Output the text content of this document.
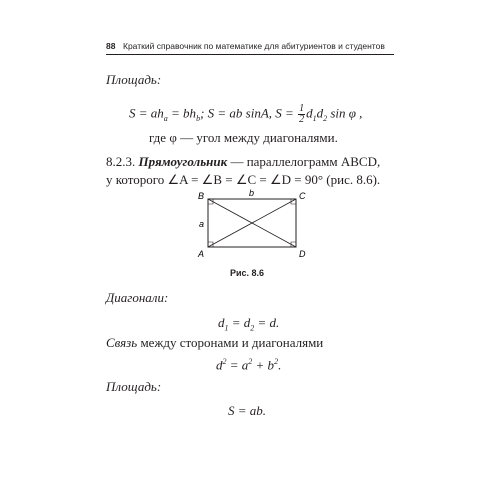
88 Краткий справочник по математике для абитуриентов и студентов
Площадь:
$S = ah_a = bh_b$; S = ab sinA, $S = \frac{1}{2} d_1d_2$ sin φ ,
где φ — угол между диагоналями.
8.2.3. Прямоугольник — параллелограмм ABCD,
у которого ∠A = ∠B = ∠C = ∠D = 90° (рис. 8.6).
B	C
A	D
b
a
Рис. 8.6
Диагонали:
$d_1 = d_2 = d$.
Связь между сторонами и диагоналями
$d^2 = a^2 + b^2$.
Площадь:
S = ab.
